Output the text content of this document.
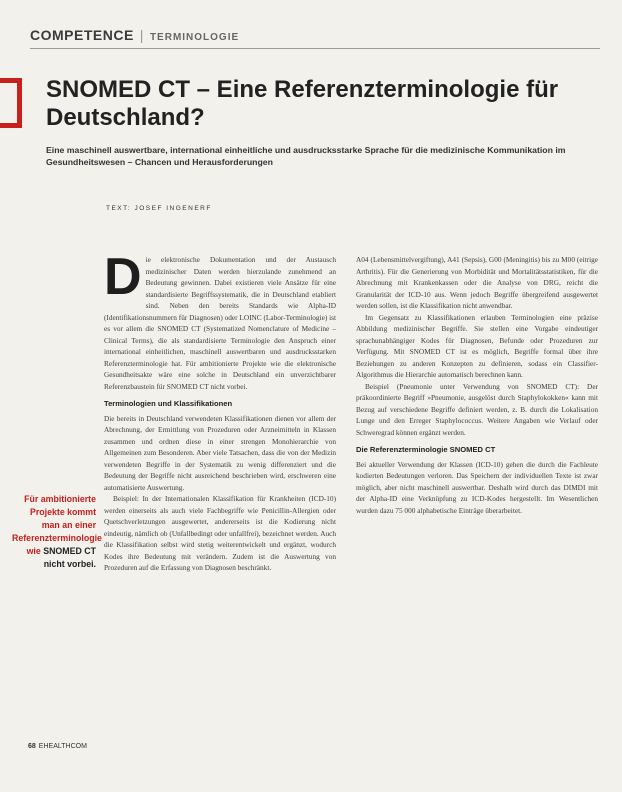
COMPETENCE | TERMINOLOGIE
SNOMED CT – Eine Referenzterminologie für Deutschland?
Eine maschinell auswertbare, international einheitliche und ausdrucksstarke Sprache für die medizinische Kommunikation im Gesundheitswesen – Chancen und Herausforderungen
TEXT: JOSEF INGENERF

Die elektronische Dokumentation und der Austausch medizinischer Daten werden hierzulande zunehmend an Bedeutung gewinnen. Dabei existieren viele Ansätze für eine standardisierte Begriffssystematik, die in Deutschland etabliert sind. Neben den bereits Standards wie Alpha-ID (Identifikationsnummern für Diagnosen) oder LOINC (Labor-Terminologie) ist es vor allem die SNOMED CT (Systematized Nomenclature of Medicine – Clinical Terms), die als standardisierte Terminologie den Anspruch einer international einheitlichen, maschinell auswertbaren und ausdrucksstarken Referenzterminologie hat. Für ambitionierte Projekte wie die elektronische Gesundheitsakte wäre eine solche in Deutschland ein unverzichtbarer Referenzbaustein für SNOMED CT nicht vorbei.

Terminologien und Klassifikationen

Die bereits in Deutschland verwendeten Klassifikationen dienen vor allem der Abrechnung, der Ermittlung von Prozeduren oder Arzneimitteln in Klassen zusammen und ordnen diese in einer strengen Monohierarchie von Allgemeinen zum Besonderen. Aber viele Tatsachen, dass die von der Medizin verwendeten Begriffe in der Systematik zu wenig differenziert und die Bedeutung der Begriffe nicht ausreichend beschrieben wird, erschweren eine automatisierte Auswertung.

Beispiel: In der Internationalen Klassifikation für Krankheiten (ICD-10) werden einerseits als auch viele Fachbegriffe wie Penicillin-Allergien oder Quetschverletzungen ausgewertet, andererseits ist die Kodierung nicht eindeutig, nämlich ob (Unfallbedingt oder unfallfrei), bezeichnet werden. Auch die Klassifikation selbst wird stetig weiterentwickelt und ergänzt, wodurch Kodes ihre Bedeutung mit verändern. Zudem ist die Auswertung von Prozeduren auf die Erfassung von Diagnosen beschränkt.

Für ambitionierte Projekte kommt man an einer Referenzterminologie wie SNOMED CT nicht vorbei.

A04 (Lebensmittelvergiftung), A41 (Sepsis), G00 (Meningitis) bis zu M00 (eitrige Arthritis). Für die Generierung von Morbidität und Mortalitätsstatistiken, für die Abrechnung mit Krankenkassen oder die Analyse von DRG, reicht die Granularität der ICD-10 aus. Wenn jedoch Begriffe übergreifend ausgewertet werden sollen, ist die Klassifikation nicht anwendbar.

Im Gegensatz zu Klassifikationen erlauben Terminologien eine präzise Abbildung medizinischer Begriffe. Sie stellen eine Vorgabe eindeutiger sprachunabhängiger Kodes für Diagnosen, Befunde oder Prozeduren zur Verfügung. Mit SNOMED CT ist es möglich, Begriffe formal über ihre Beziehungen zu anderen Konzepten zu definieren, sodass ein Classifier-Algorithmus die Hierarchie automatisch berechnen kann.

Beispiel (Pneumonie unter Verwendung von SNOMED CT): Der präkoordinierte Begriff »Pneumonie, ausgelöst durch Staphylokokken« kann mit Bezug auf verschiedene Begriffe definiert werden, z. B. durch die Lokalisation Lunge und den Erreger Staphylococcus. Weitere Angaben wie Verlauf oder Schweregrad können ergänzt werden.

Die Referenzterminologie SNOMED CT

Bei aktueller Verwendung der Klassen (ICD-10) gehen die durch die Fachleute kodierten Bedeutungen verloren. Das Speichern der individuellen Texte ist zwar möglich, aber nicht maschinell auswertbar. Deshalb wird durch das DIMDI mit der Alpha-ID eine Verknüpfung zu ICD-Kodes hergestellt. Im Wesentlichen wurden dazu 75 000 alphabetische Einträge überarbeitet.

68 EHEALTHCOM
